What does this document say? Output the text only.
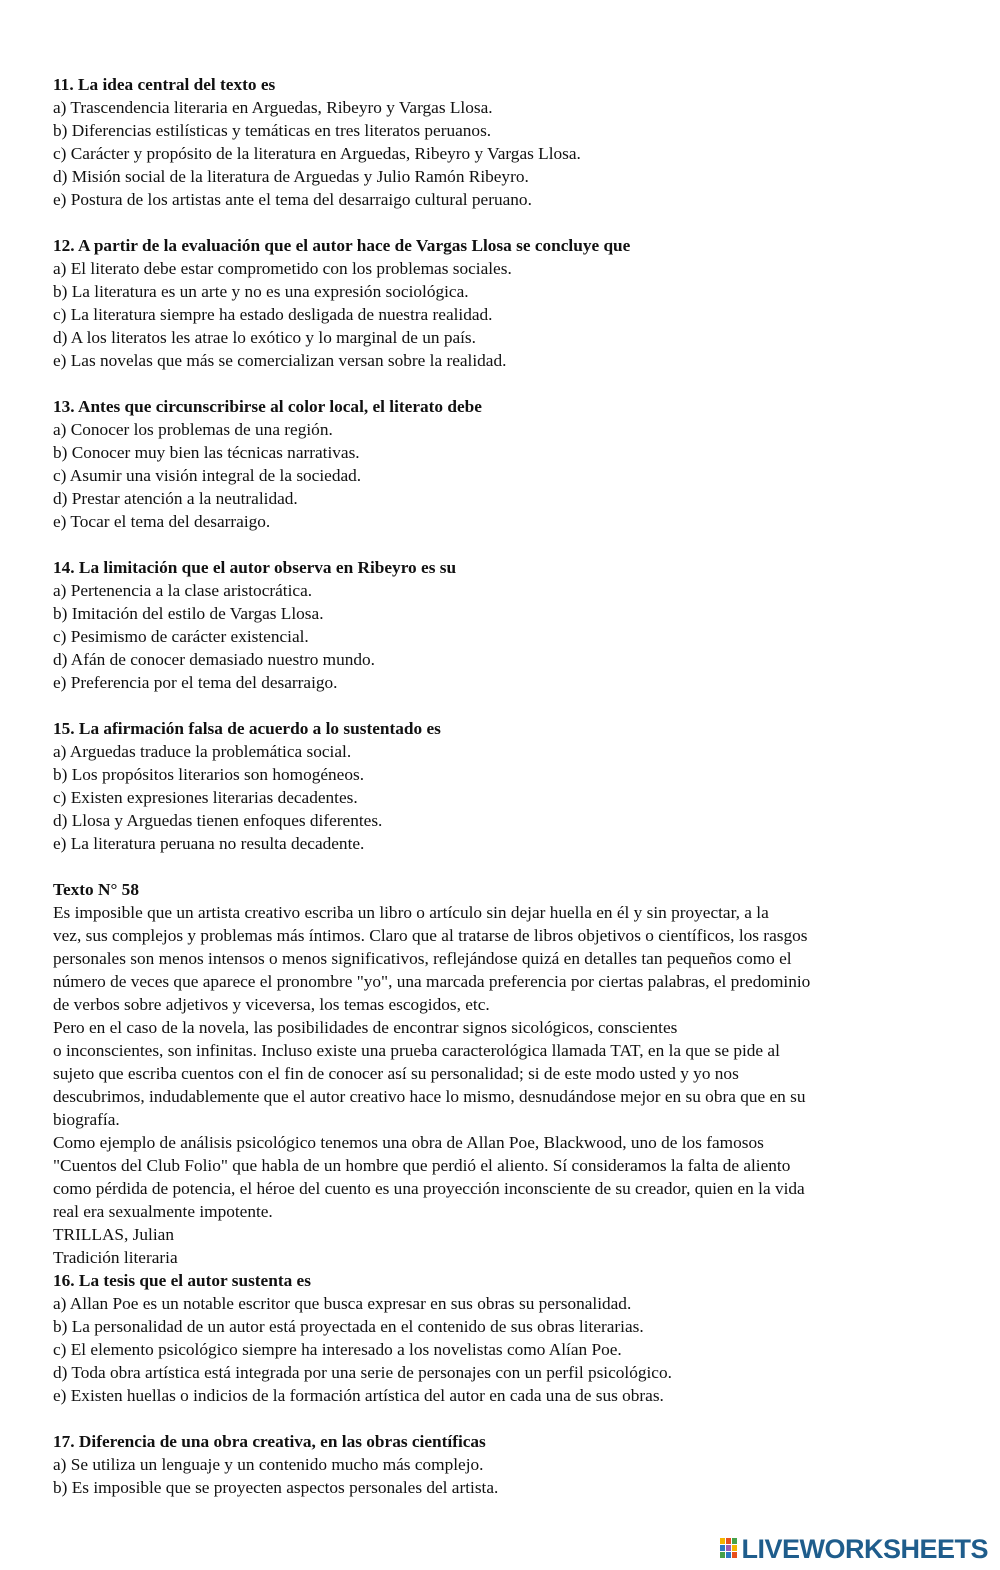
11. La idea central del texto es
a) Trascendencia literaria en Arguedas, Ribeyro y Vargas Llosa.
b) Diferencias estilísticas y temáticas en tres literatos peruanos.
c) Carácter y propósito de la literatura en Arguedas, Ribeyro y Vargas Llosa.
d) Misión social de la literatura de Arguedas y Julio Ramón Ribeyro.
e) Postura de los artistas ante el tema del desarraigo cultural peruano.
12. A partir de la evaluación que el autor hace de Vargas Llosa se concluye que
a) El literato debe estar comprometido con los problemas sociales.
b) La literatura es un arte y no es una expresión sociológica.
c) La literatura siempre ha estado desligada de nuestra realidad.
d) A los literatos les atrae lo exótico y lo marginal de un país.
e) Las novelas que más se comercializan versan sobre la realidad.
13. Antes que circunscribirse al color local, el literato debe
a) Conocer los problemas de una región.
b) Conocer muy bien las técnicas narrativas.
c) Asumir una visión integral de la sociedad.
d) Prestar atención a la neutralidad.
e) Tocar el tema del desarraigo.
14. La limitación que el autor observa en Ribeyro es su
a) Pertenencia a la clase aristocrática.
b) Imitación del estilo de Vargas Llosa.
c) Pesimismo de carácter existencial.
d) Afán de conocer demasiado nuestro mundo.
e) Preferencia por el tema del desarraigo.
15. La afirmación falsa de acuerdo a lo sustentado es
a) Arguedas traduce la problemática social.
b) Los propósitos literarios son homogéneos.
c) Existen expresiones literarias decadentes.
d) Llosa y Arguedas tienen enfoques diferentes.
e) La literatura peruana no resulta decadente.
Texto N° 58
Es imposible que un artista creativo escriba un libro o artículo sin dejar huella en él y sin proyectar, a la
vez, sus complejos y problemas más íntimos. Claro que al tratarse de libros objetivos o científicos, los rasgos
personales son menos intensos o menos significativos, reflejándose quizá en detalles tan pequeños como el
número de veces que aparece el pronombre "yo", una marcada preferencia por ciertas palabras, el predominio
de verbos sobre adjetivos y viceversa, los temas escogidos, etc.
Pero en el caso de la novela, las posibilidades de encontrar signos sicológicos, conscientes
o inconscientes, son infinitas. Incluso existe una prueba caracterológica llamada TAT, en la que se pide al
sujeto que escriba cuentos con el fin de conocer así su personalidad; si de este modo usted y yo nos
descubrimos, indudablemente que el autor creativo hace lo mismo, desnudándose mejor en su obra que en su
biografía.
Como ejemplo de análisis psicológico tenemos una obra de Allan Poe, Blackwood, uno de los famosos
"Cuentos del Club Folio" que habla de un hombre que perdió el aliento. Sí consideramos la falta de aliento
como pérdida de potencia, el héroe del cuento es una proyección inconsciente de su creador, quien en la vida
real era sexualmente impotente.
TRILLAS, Julian
Tradición literaria
16. La tesis que el autor sustenta es
a) Allan Poe es un notable escritor que busca expresar en sus obras su personalidad.
b) La personalidad de un autor está proyectada en el contenido de sus obras literarias.
c) El elemento psicológico siempre ha interesado a los novelistas como Alían Poe.
d) Toda obra artística está integrada por una serie de personajes con un perfil psicológico.
e) Existen huellas o indicios de la formación artística del autor en cada una de sus obras.
17. Diferencia de una obra creativa, en las obras científicas
a) Se utiliza un lenguaje y un contenido mucho más complejo.
b) Es imposible que se proyecten aspectos personales del artista.
LIVEWORKSHEETS
